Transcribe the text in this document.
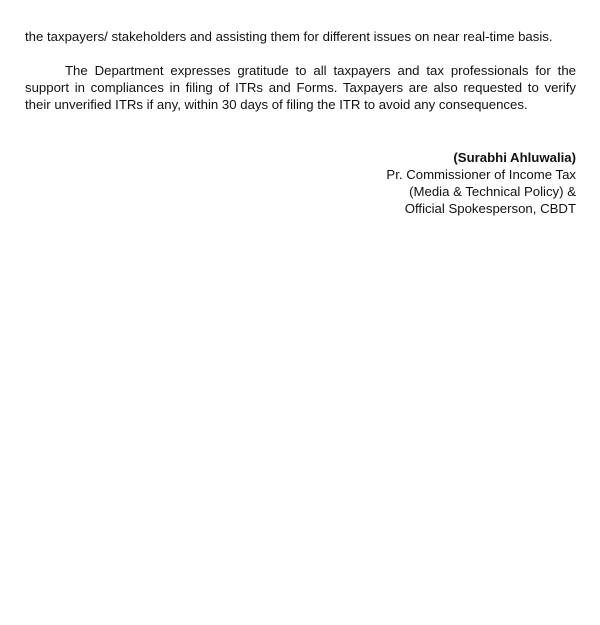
the taxpayers/ stakeholders and assisting them for different issues on near real-time basis.

The Department expresses gratitude to all taxpayers and tax professionals for the support in compliances in filing of ITRs and Forms. Taxpayers are also requested to verify their unverified ITRs if any, within 30 days of filing the ITR to avoid any consequences.

(Surabhi Ahluwalia)
Pr. Commissioner of Income Tax
(Media & Technical Policy) &
Official Spokesperson, CBDT
